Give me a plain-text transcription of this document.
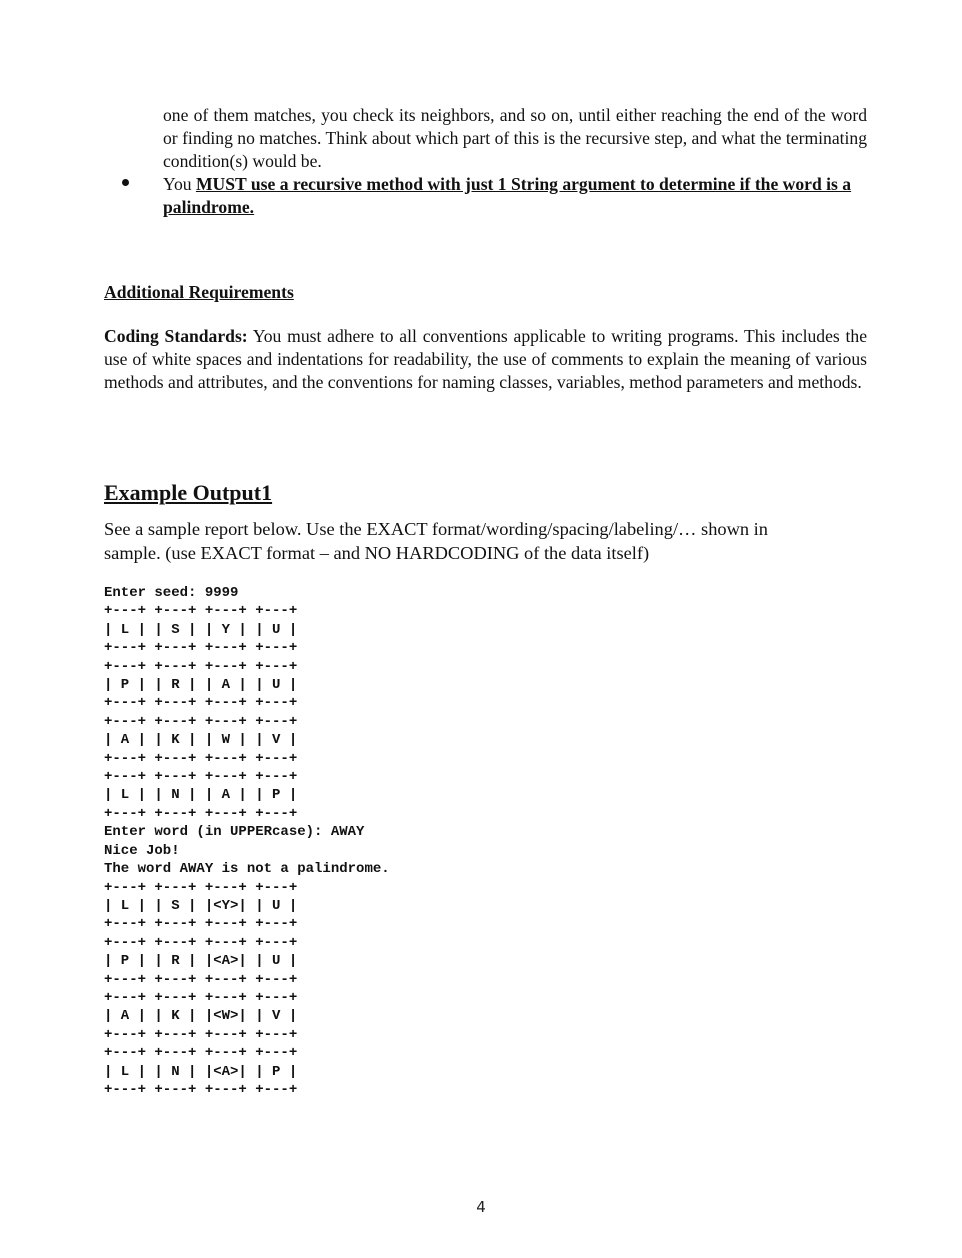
one of them matches, you check its neighbors, and so on, until either reaching the end of the word or finding no matches. Think about which part of this is the recursive step, and what the terminating condition(s) would be.
You MUST use a recursive method with just 1 String argument to determine if the word is a palindrome.
Additional Requirements
Coding Standards: You must adhere to all conventions applicable to writing programs. This includes the use of white spaces and indentations for readability, the use of comments to explain the meaning of various methods and attributes, and the conventions for naming classes, variables, method parameters and methods.
Example Output1
See a sample report below. Use the EXACT format/wording/spacing/labeling/… shown in sample. (use EXACT format – and NO HARDCODING of the data itself)
Enter seed: 9999
+---+ +---+ +---+ +---+
| L | | S | | Y | | U |
+---+ +---+ +---+ +---+
+---+ +---+ +---+ +---+
| P | | R | | A | | U |
+---+ +---+ +---+ +---+
+---+ +---+ +---+ +---+
| A | | K | | W | | V |
+---+ +---+ +---+ +---+
+---+ +---+ +---+ +---+
| L | | N | | A | | P |
+---+ +---+ +---+ +---+
Enter word (in UPPERcase): AWAY
Nice Job!
The word AWAY is not a palindrome.
+---+ +---+ +---+ +---+
| L | | S | |<Y>| | U |
+---+ +---+ +---+ +---+
+---+ +---+ +---+ +---+
| P | | R | |<A>| | U |
+---+ +---+ +---+ +---+
+---+ +---+ +---+ +---+
| A | | K | |<W>| | V |
+---+ +---+ +---+ +---+
+---+ +---+ +---+ +---+
| L | | N | |<A>| | P |
+---+ +---+ +---+ +---+
4
